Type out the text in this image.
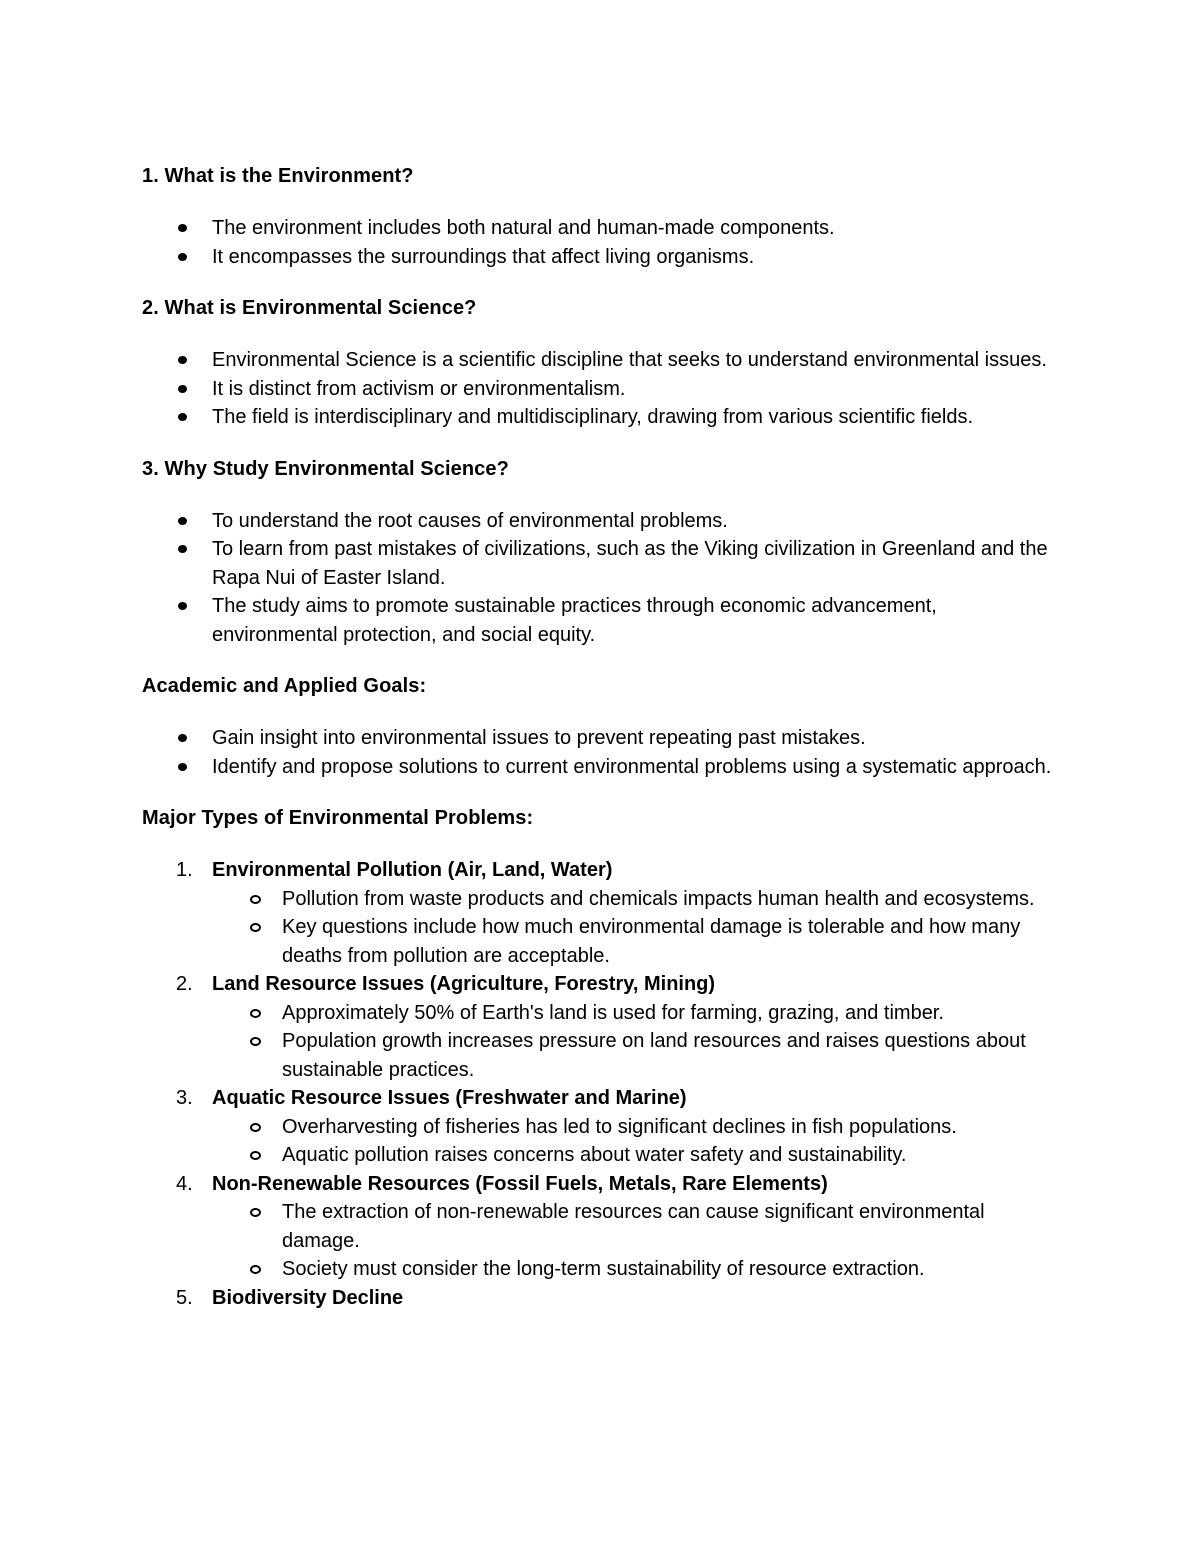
1. What is the Environment?
The environment includes both natural and human-made components.
It encompasses the surroundings that affect living organisms.
2. What is Environmental Science?
Environmental Science is a scientific discipline that seeks to understand environmental issues.
It is distinct from activism or environmentalism.
The field is interdisciplinary and multidisciplinary, drawing from various scientific fields.
3. Why Study Environmental Science?
To understand the root causes of environmental problems.
To learn from past mistakes of civilizations, such as the Viking civilization in Greenland and the Rapa Nui of Easter Island.
The study aims to promote sustainable practices through economic advancement, environmental protection, and social equity.
Academic and Applied Goals:
Gain insight into environmental issues to prevent repeating past mistakes.
Identify and propose solutions to current environmental problems using a systematic approach.
Major Types of Environmental Problems:
1. Environmental Pollution (Air, Land, Water)
Pollution from waste products and chemicals impacts human health and ecosystems.
Key questions include how much environmental damage is tolerable and how many deaths from pollution are acceptable.
2. Land Resource Issues (Agriculture, Forestry, Mining)
Approximately 50% of Earth's land is used for farming, grazing, and timber.
Population growth increases pressure on land resources and raises questions about sustainable practices.
3. Aquatic Resource Issues (Freshwater and Marine)
Overharvesting of fisheries has led to significant declines in fish populations.
Aquatic pollution raises concerns about water safety and sustainability.
4. Non-Renewable Resources (Fossil Fuels, Metals, Rare Elements)
The extraction of non-renewable resources can cause significant environmental damage.
Society must consider the long-term sustainability of resource extraction.
5. Biodiversity Decline
